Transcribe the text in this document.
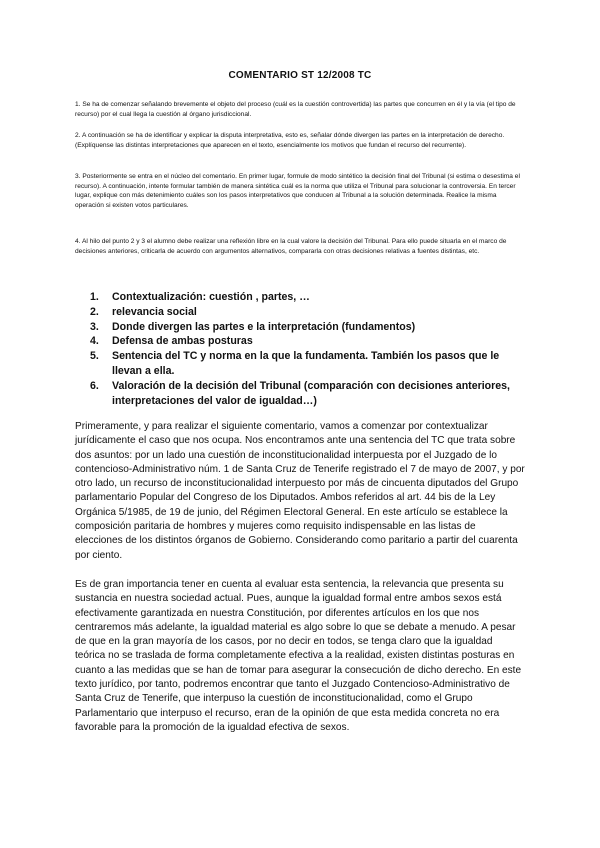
COMENTARIO ST 12/2008 TC

1. Se ha de comenzar señalando brevemente el objeto del proceso (cuál es la cuestión controvertida) las partes que concurren en él y la vía (el tipo de recurso) por el cual llega la cuestión al órgano jurisdiccional.

2. A continuación se ha de identificar y explicar la disputa interpretativa, esto es, señalar dónde divergen las partes en la interpretación de derecho. (Explíquense las distintas interpretaciones que aparecen en el texto, esencialmente los motivos que fundan el recurso del recurrente).

3. Posteriormente se entra en el núcleo del comentario. En primer lugar, formule de modo sintético la decisión final del Tribunal (si estima o desestima el recurso). A continuación, intente formular también de manera sintética cuál es la norma que utiliza el Tribunal para solucionar la controversia. En tercer lugar, explique con más detenimiento cuáles son los pasos interpretativos que conducen al Tribunal a la solución determinada. Realice la misma operación si existen votos particulares.

4. Al hilo del punto 2 y 3 el alumno debe realizar una reflexión libre en la cual valore la decisión del Tribunal. Para ello puede situarla en el marco de decisiones anteriores, criticarla de acuerdo con argumentos alternativos, compararla con otras decisiones relativas a fuentes distintas, etc.

1. Contextualización: cuestión , partes, …
2. relevancia social
3. Donde divergen las partes e la interpretación (fundamentos)
4. Defensa de ambas posturas
5. Sentencia del TC y norma en la que la fundamenta. También los pasos que le llevan a ella.
6. Valoración de la decisión del Tribunal (comparación con decisiones anteriores, interpretaciones del valor de igualdad…)

Primeramente, y para realizar el siguiente comentario, vamos a comenzar por contextualizar jurídicamente el caso que nos ocupa. Nos encontramos ante una sentencia del TC que trata sobre dos asuntos: por un lado una cuestión de inconstitucionalidad interpuesta por el Juzgado de lo contencioso-Administrativo núm. 1 de Santa Cruz de Tenerife registrado el 7 de mayo de 2007, y por otro lado, un recurso de inconstitucionalidad interpuesto por más de cincuenta diputados del Grupo parlamentario Popular del Congreso de los Diputados. Ambos referidos al art. 44 bis de la Ley Orgánica 5/1985, de 19 de junio, del Régimen Electoral General. En este artículo se establece la composición paritaria de hombres y mujeres como requisito indispensable en las listas de elecciones de los distintos órganos de Gobierno. Considerando como paritario a partir del cuarenta por ciento.

Es de gran importancia tener en cuenta al evaluar esta sentencia, la relevancia que presenta su sustancia en nuestra sociedad actual. Pues, aunque la igualdad formal entre ambos sexos está efectivamente garantizada en nuestra Constitución, por diferentes artículos en los que nos centraremos más adelante, la igualdad material es algo sobre lo que se debate a menudo. A pesar de que en la gran mayoría de los casos, por no decir en todos, se tenga claro que la igualdad teórica no se traslada de forma completamente efectiva a la realidad, existen distintas posturas en cuanto a las medidas que se han de tomar para asegurar la consecución de dicho derecho. En este texto jurídico, por tanto, podremos encontrar que tanto el Juzgado Contencioso-Administrativo de Santa Cruz de Tenerife, que interpuso la cuestión de inconstitucionalidad, como el Grupo Parlamentario que interpuso el recurso, eran de la opinión de que esta medida concreta no era favorable para la promoción de la igualdad efectiva de sexos.
